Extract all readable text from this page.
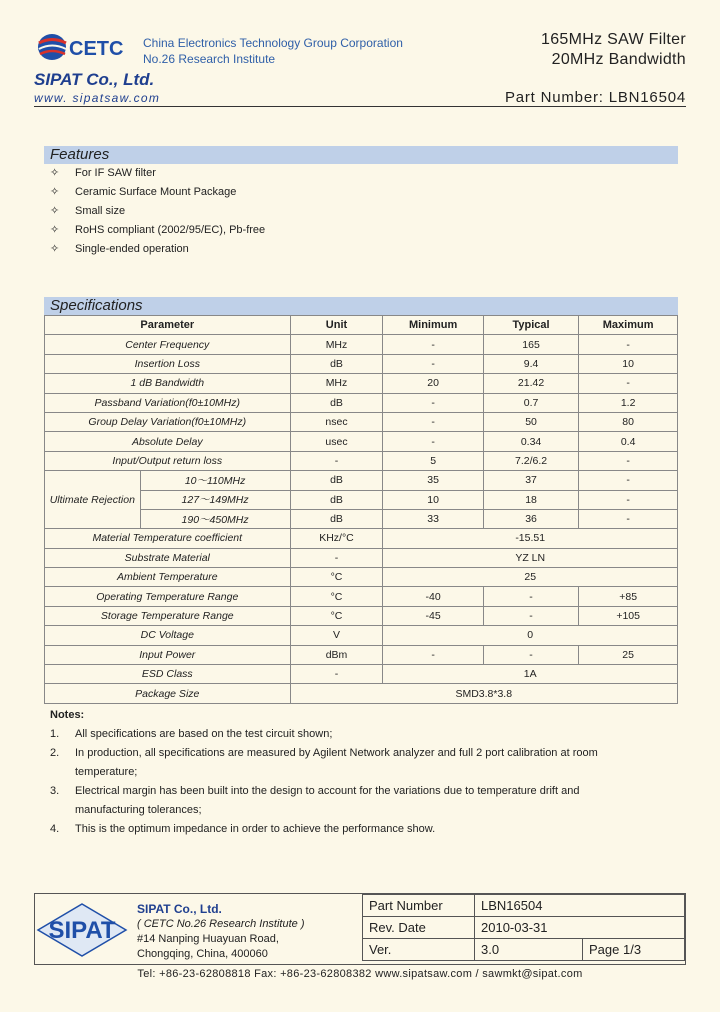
CETC China Electronics Technology Group Corporation
No.26 Research Institute
165MHz SAW Filter
20MHz Bandwidth
SIPAT Co., Ltd.
www. sipatsaw.com	Part Number: LBN16504
Features
✧ For IF SAW filter
✧ Ceramic Surface Mount Package
✧ Small size
✧ RoHS compliant (2002/95/EC), Pb-free
✧ Single-ended operation
Specifications
Parameter		Unit	Minimum	Typical	Maximum
Center Frequency		MHz	-	165	-
Insertion Loss		dB	-	9.4	10
1 dB Bandwidth		MHz	20	21.42	-
Passband Variation(f0±10MHz)		dB	-	0.7	1.2
Group Delay Variation(f0±10MHz)		nsec	-	50	80
Absolute Delay		usec	-	0.34	0.4
Input/Output return loss		-	5	7.2/6.2	-
Ultimate Rejection	10～110MHz	dB	35	37	-
	127～149MHz	dB	10	18	-
	190～450MHz	dB	33	36	-
Material Temperature coefficient		KHz/°C	-15.51		
Substrate Material		-	YZ LN		
Ambient Temperature		°C	25		
Operating Temperature Range		°C	-40	-	+85
Storage Temperature Range		°C	-45	-	+105
DC Voltage		V	0		
Input Power		dBm	-	-	25
ESD Class		-	1A		
Package Size		SMD3.8*3.8			
Notes:
1.	All specifications are based on the test circuit shown;
2.	In production, all specifications are measured by Agilent Network analyzer and full 2 port calibration at room temperature;
3.	Electrical margin has been built into the design to account for the variations due to temperature drift and manufacturing tolerances;
4.	This is the optimum impedance in order to achieve the performance show.
SIPAT
SIPAT Co., Ltd.
( CETC No.26 Research Institute )
#14 Nanping Huayuan Road,
Chongqing, China, 400060
Part Number	LBN16504	
Rev. Date	2010-03-31	
Ver.	3.0	Page 1/3
Tel: +86-23-62808818 Fax: +86-23-62808382 www.sipatsaw.com / sawmkt@sipat.com
